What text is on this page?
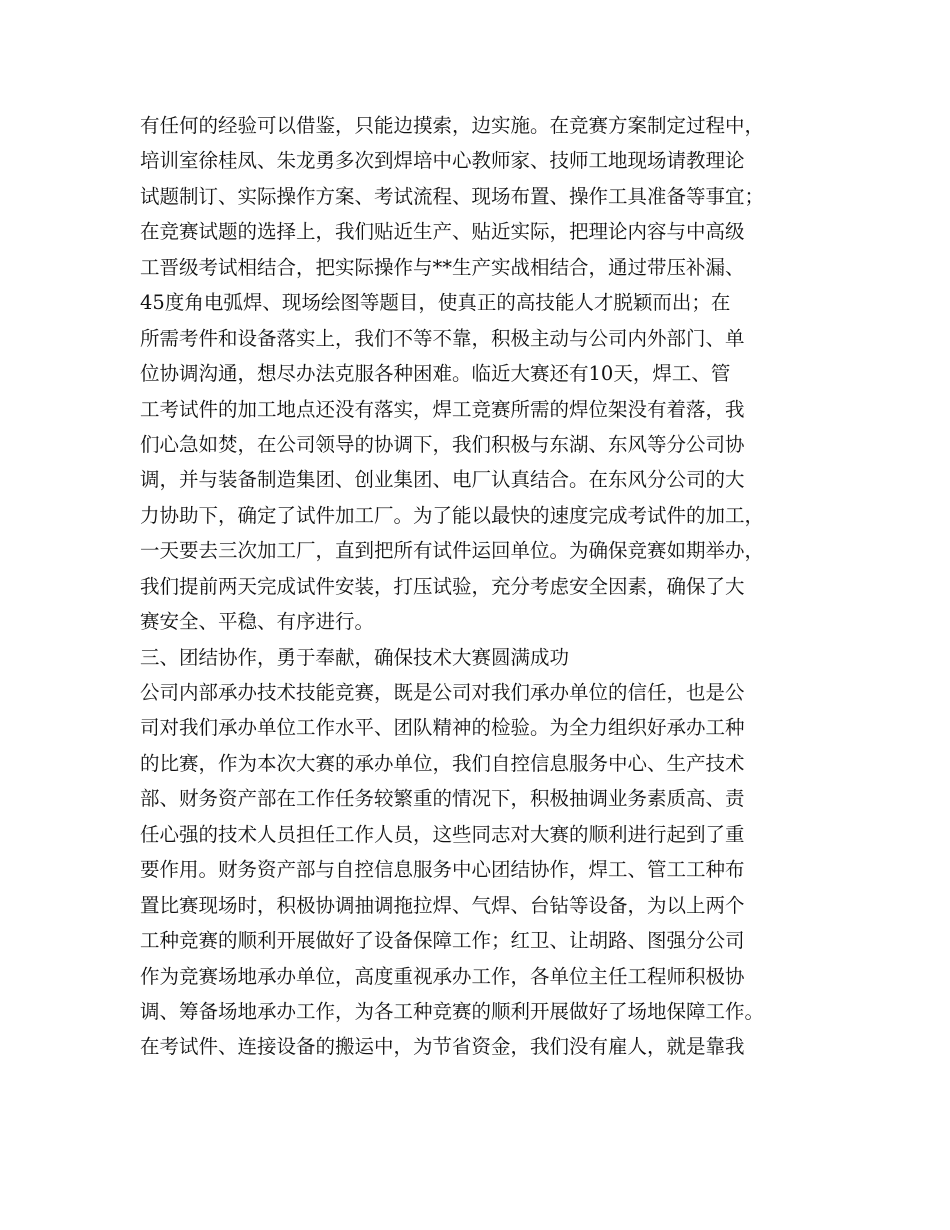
有任何的经验可以借鉴，只能边摸索，边实施。在竞赛方案制定过程中，
培训室徐桂凤、朱龙勇多次到焊培中心教师家、技师工地现场请教理论
试题制订、实际操作方案、考试流程、现场布置、操作工具准备等事宜；
在竞赛试题的选择上，我们贴近生产、贴近实际，把理论内容与中高级
工晋级考试相结合，把实际操作与**生产实战相结合，通过带压补漏、
45度角电弧焊、现场绘图等题目，使真正的高技能人才脱颖而出；在
所需考件和设备落实上，我们不等不靠，积极主动与公司内外部门、单
位协调沟通，想尽办法克服各种困难。临近大赛还有10天，焊工、管
工考试件的加工地点还没有落实，焊工竞赛所需的焊位架没有着落，我
们心急如焚，在公司领导的协调下，我们积极与东湖、东风等分公司协
调，并与装备制造集团、创业集团、电厂认真结合。在东风分公司的大
力协助下，确定了试件加工厂。为了能以最快的速度完成考试件的加工，
一天要去三次加工厂，直到把所有试件运回单位。为确保竞赛如期举办，
我们提前两天完成试件安装，打压试验，充分考虑安全因素，确保了大
赛安全、平稳、有序进行。
三、团结协作，勇于奉献，确保技术大赛圆满成功
公司内部承办技术技能竞赛，既是公司对我们承办单位的信任，也是公
司对我们承办单位工作水平、团队精神的检验。为全力组织好承办工种
的比赛，作为本次大赛的承办单位，我们自控信息服务中心、生产技术
部、财务资产部在工作任务较繁重的情况下，积极抽调业务素质高、责
任心强的技术人员担任工作人员，这些同志对大赛的顺利进行起到了重
要作用。财务资产部与自控信息服务中心团结协作，焊工、管工工种布
置比赛现场时，积极协调抽调拖拉焊、气焊、台钻等设备，为以上两个
工种竞赛的顺利开展做好了设备保障工作；红卫、让胡路、图强分公司
作为竞赛场地承办单位，高度重视承办工作，各单位主任工程师积极协
调、筹备场地承办工作，为各工种竞赛的顺利开展做好了场地保障工作。
在考试件、连接设备的搬运中，为节省资金，我们没有雇人，就是靠我
